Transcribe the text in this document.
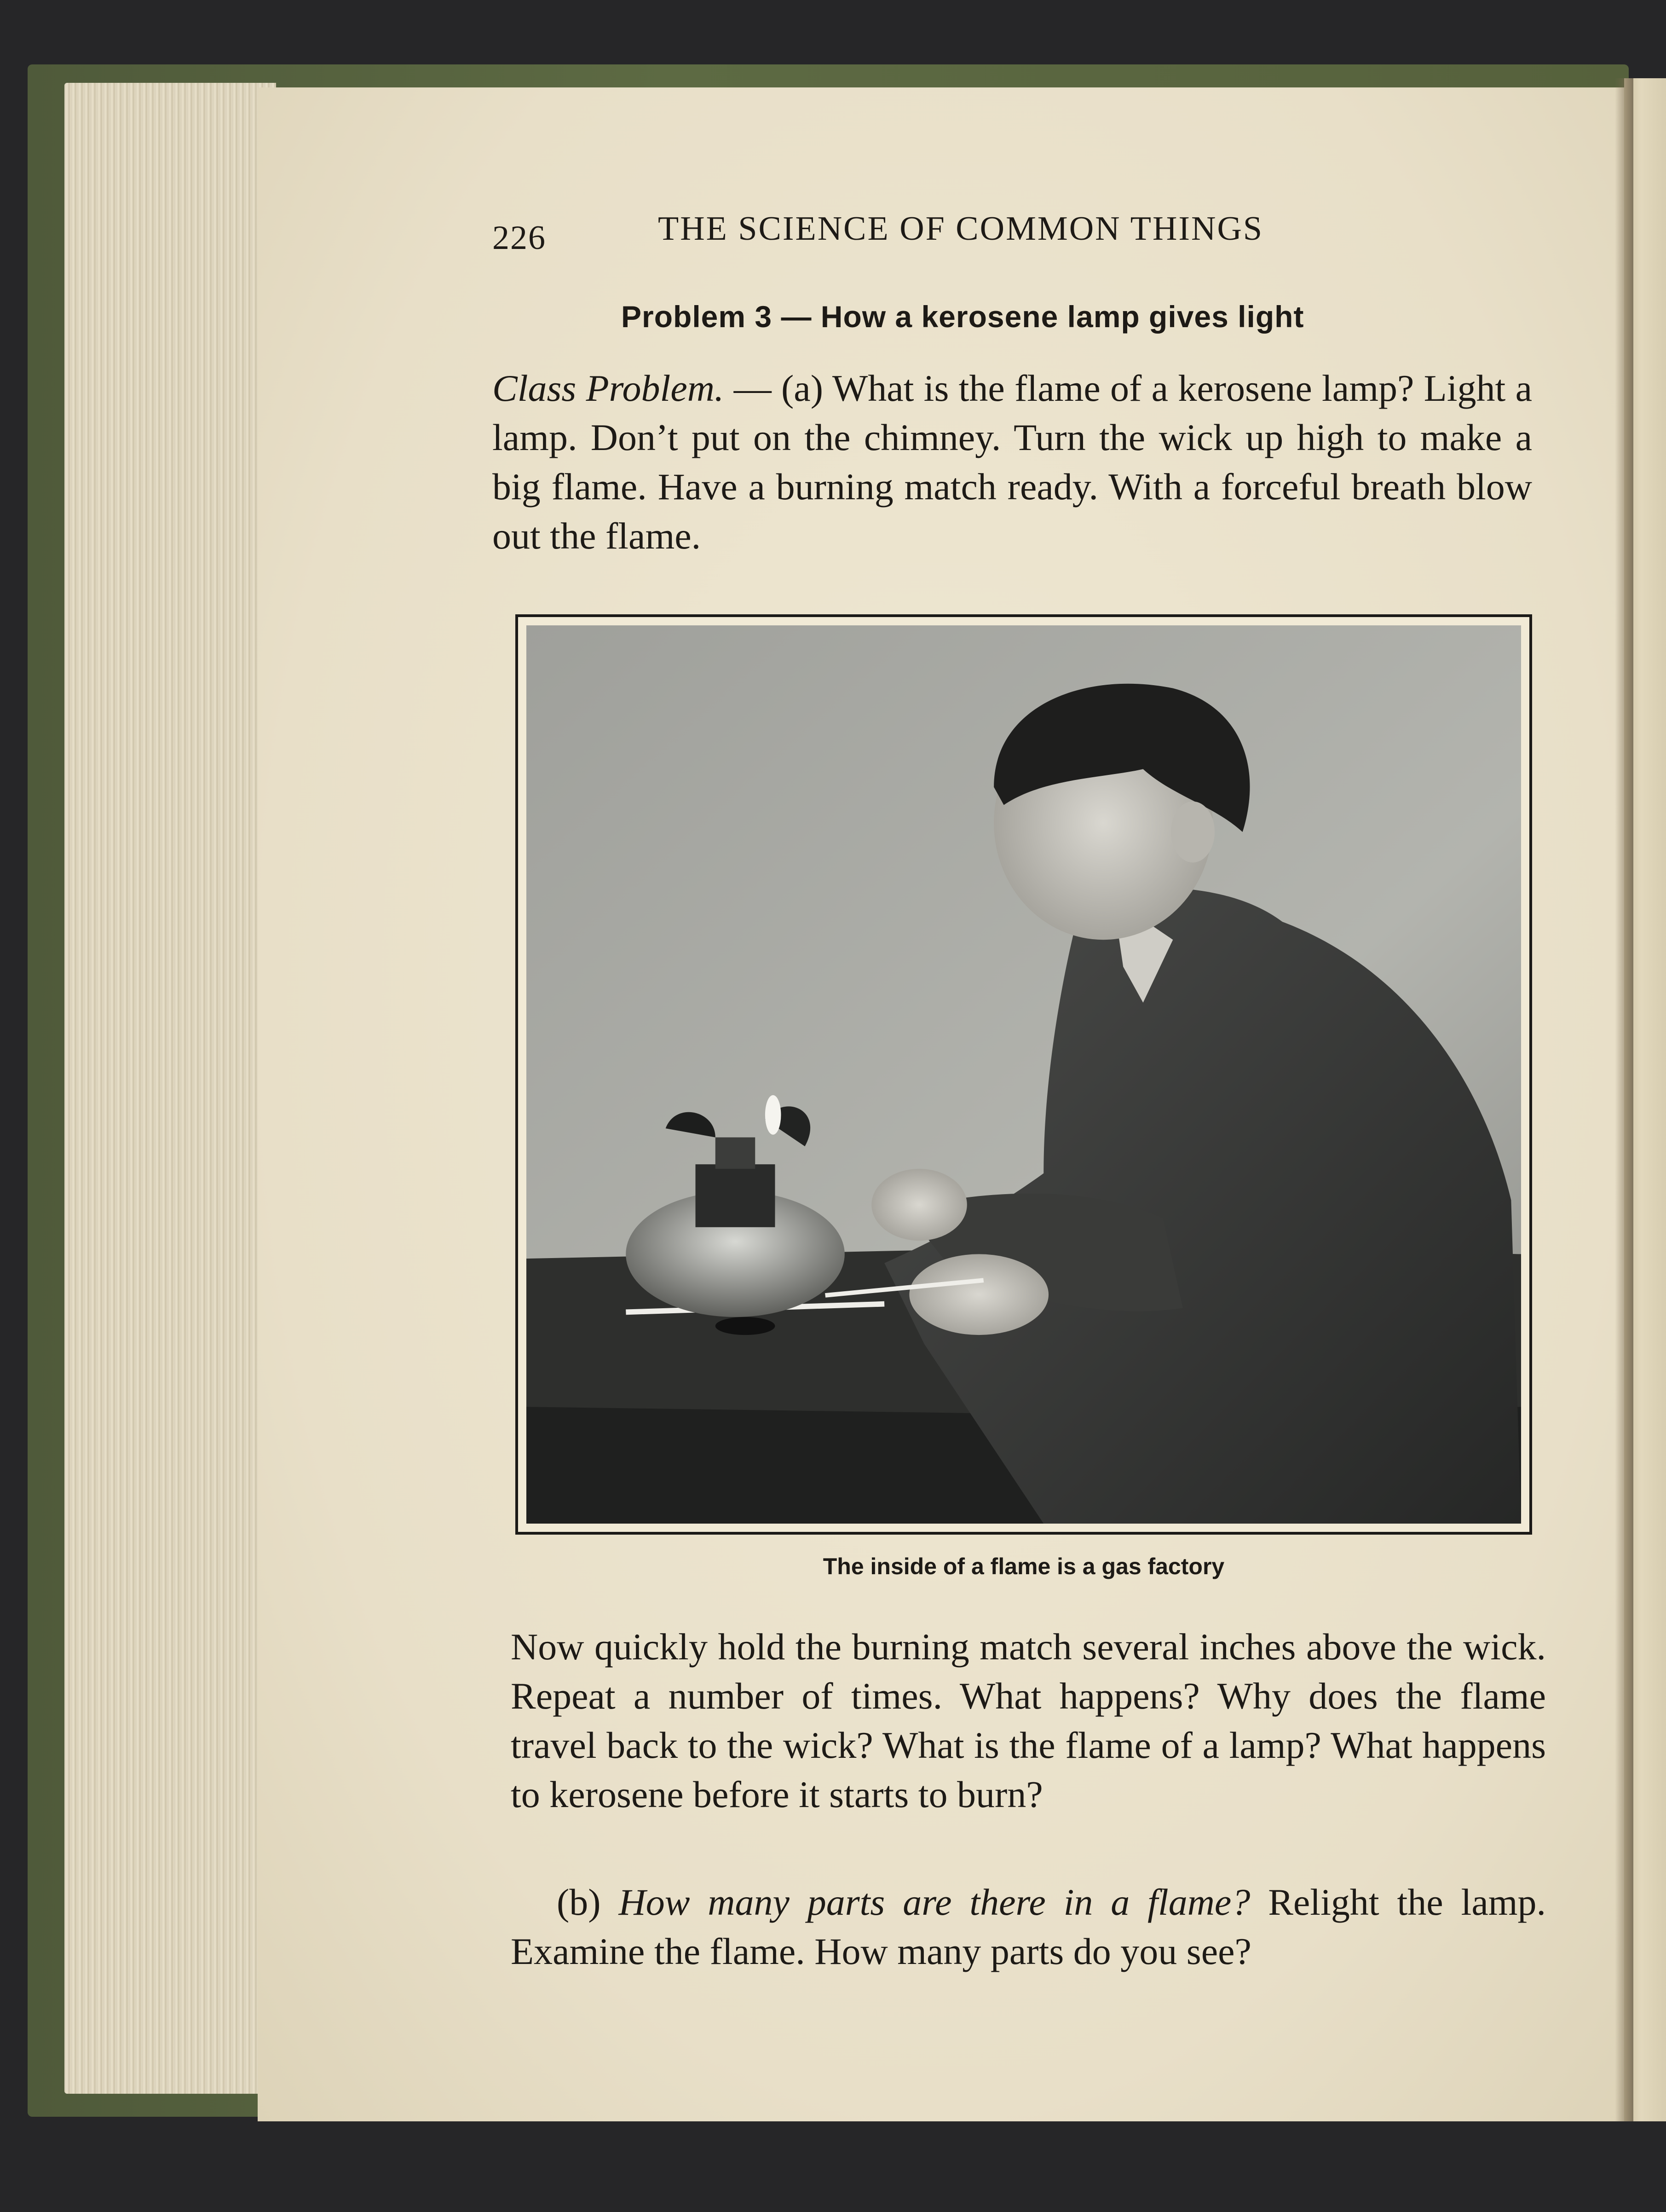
226	THE SCIENCE OF COMMON THINGS
Problem 3 — How a kerosene lamp gives light
Class Problem. — (a) What is the flame of a kerosene lamp? Light a lamp. Don’t put on the chimney. Turn the wick up high to make a big flame. Have a burning match ready. With a forceful breath blow out the flame.
The inside of a flame is a gas factory
Now quickly hold the burning match several inches above the wick. Repeat a number of times. What happens? Why does the flame travel back to the wick? What is the flame of a lamp? What happens to kerosene before it starts to burn?
(b) How many parts are there in a flame? Relight the lamp. Examine the flame. How many parts do you see?
